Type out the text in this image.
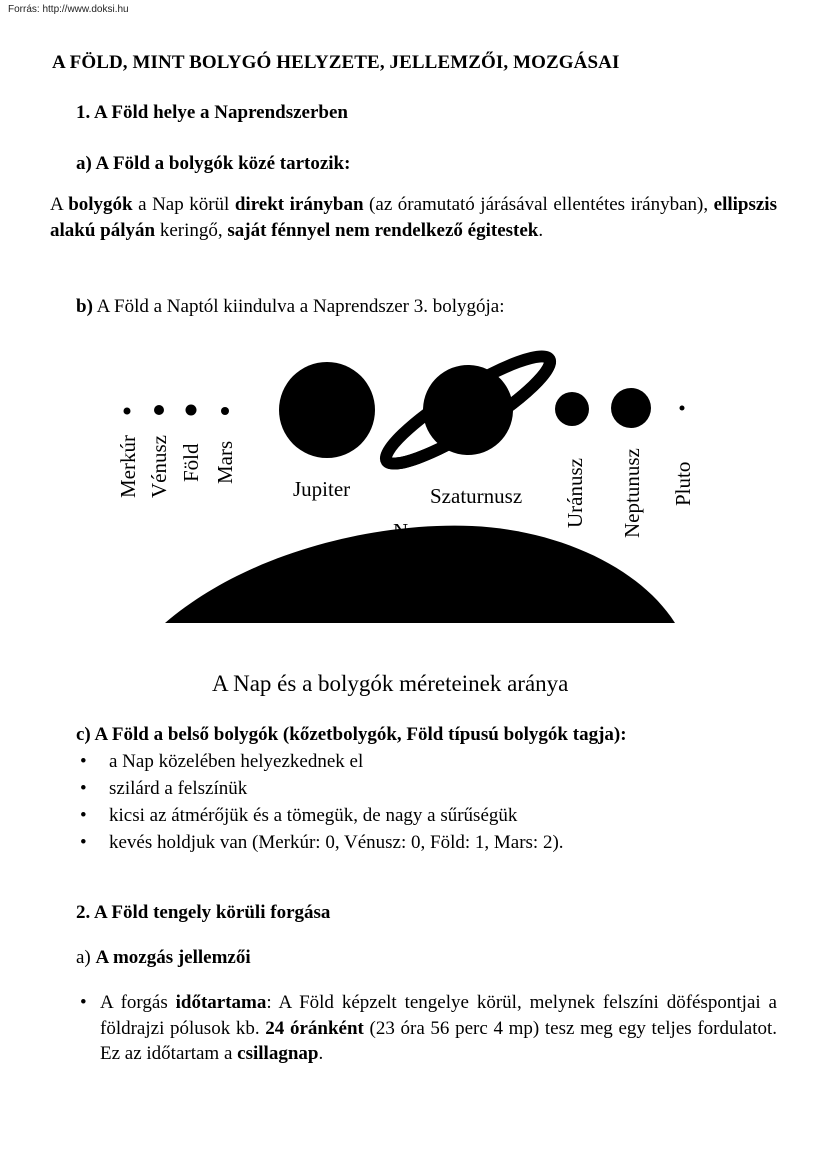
Forrás: http://www.doksi.hu
A FÖLD, MINT BOLYGÓ HELYZETE, JELLEMZŐI, MOZGÁSAI
1. A Föld helye a Naprendszerben
a) A Föld a bolygók közé tartozik:
A bolygók a Nap körül direkt irányban (az óramutató járásával ellentétes irányban), ellipszis alakú pályán keringő, saját fénnyel nem rendelkező égitestek.
b) A Föld a Naptól kiindulva a Naprendszer 3. bolygója:
Merkúr Vénusz Föld Mars	Uránusz Neptunusz Pluto
Jupiter	Szaturnusz
A Nap és a bolygók méreteinek aránya
c) A Föld a belső bolygók (kőzetbolygók, Föld típusú bolygók tagja):
• a Nap közelében helyezkednek el
• szilárd a felszínük
• kicsi az átmérőjük és a tömegük, de nagy a sűrűségük
• kevés holdjuk van (Merkúr: 0, Vénusz: 0, Föld: 1, Mars: 2).
2. A Föld tengely körüli forgása
a) A mozgás jellemzői
• A forgás időtartama: A Föld képzelt tengelye körül, melynek felszíni döféspontjai a földrajzi pólusok kb. 24 óránként (23 óra 56 perc 4 mp) tesz meg egy teljes fordulatot. Ez az időtartam a csillagnap.
